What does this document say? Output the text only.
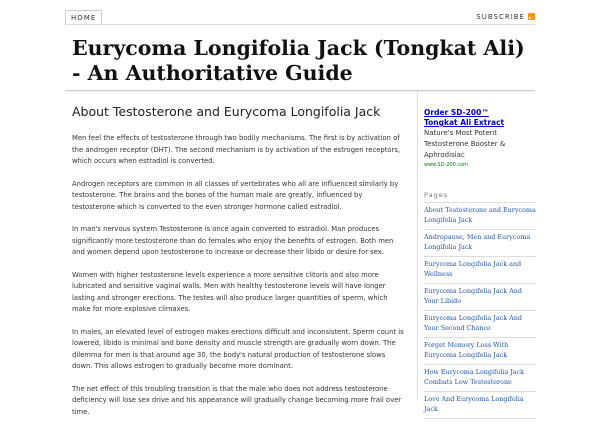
HOME	SUBSCRIBE
Eurycoma Longifolia Jack (Tongkat Ali) - An Authoritative Guide
About Testosterone and Eurycoma Longifolia Jack

Men feel the effects of testosterone through two bodily mechanisms. The first is by activation of the androgen receptor (DHT). The second mechanism is by activation of the estrogen receptors, which occurs when estradiol is converted.

Androgen receptors are common in all classes of vertebrates who all are influenced similarly by testosterone. The brains and the bones of the human male are greatly, influenced by testosterone which is converted to the even stronger hormone called estradiol.

In man's nervous system Testosterone is once again converted to estradiol. Man produces significantly more testosterone than do females who enjoy the benefits of estrogen. Both men and women depend upon testosterone to increase or decrease their libido or desire for sex.

Women with higher testosterone levels experience a more sensitive clitoris and also more lubricated and sensitive vaginal walls. Men with healthy testosterone levels will have longer lasting and stronger erections. The testes will also produce larger quantities of sperm, which make for more explosive climaxes.

In males, an elevated level of estrogen makes erections difficult and inconsistent. Sperm count is lowered, libido is minimal and bone density and muscle strength are gradually worn down. The dilemma for men is that around age 30, the body's natural production of testosterone slows down. This allows estrogen to gradually become more dominant.

The net effect of this troubling transition is that the male who does not address testosterone deficiency will lose sex drive and his appearance will gradually change becoming more frail over time.

Order SD-200™
Tongkat Ali Extract
Nature's Most Potent
Testosterone Booster &
Aphrodisiac
www.SD-200.com
Pages
About Testosterone and Eurycoma Longifolia Jack
Andropause, Men and Eurycoma Longifolia Jack
Eurycoma Longifolia Jack and Wellness
Eurycoma Longifolia Jack And Your Libido
Eurycoma Longifolia Jack And Your Second Chance
Forget Memory Loss With Eurycoma Longifolia Jack
How Eurycoma Longifolia Jack Combats Low Testosterone
Love And Eurycoma Longifolia Jack
